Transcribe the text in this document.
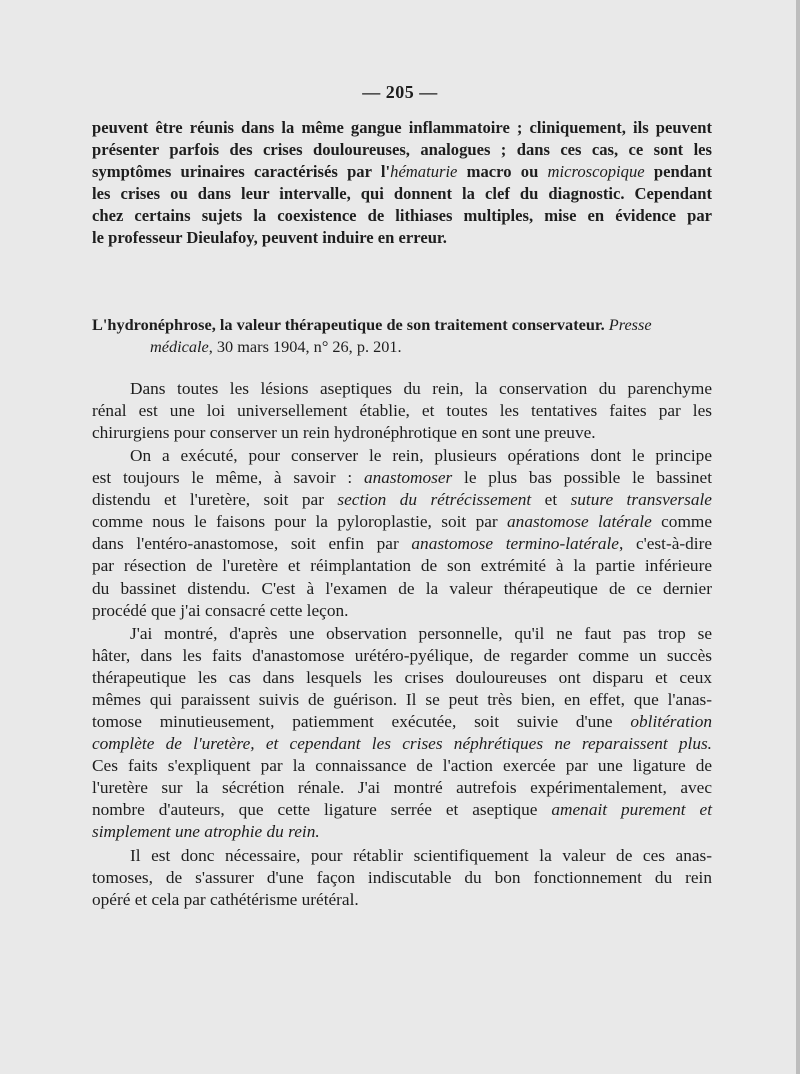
— 205 —
peuvent être réunis dans la même gangue inflammatoire ; cliniquement, ils peuvent
présenter parfois des crises douloureuses, analogues ; dans ces cas, ce sont les
symptômes urinaires caractérisés par l'hématurie macro ou microscopique pendant
les crises ou dans leur intervalle, qui donnent la clef du diagnostic. Cependant
chez certains sujets la coexistence de lithiases multiples, mise en évidence par
le professeur Dieulafoy, peuvent induire en erreur.
L'hydronéphrose, la valeur thérapeutique de son traitement conservateur. Presse
médicale, 30 mars 1904, n° 26, p. 201.
Dans toutes les lésions aseptiques du rein, la conservation du parenchyme
rénal est une loi universellement établie, et toutes les tentatives faites par les
chirurgiens pour conserver un rein hydronéphrotique en sont une preuve.
On a exécuté, pour conserver le rein, plusieurs opérations dont le principe
est toujours le même, à savoir : anastomoser le plus bas possible le bassinet
distendu et l'uretère, soit par section du rétrécissement et suture transversale
comme nous le faisons pour la pyloroplastie, soit par anastomose latérale comme
dans l'entéro-anastomose, soit enfin par anastomose termino-latérale, c'est-à-dire
par résection de l'uretère et réimplantation de son extrémité à la partie inférieure
du bassinet distendu. C'est à l'examen de la valeur thérapeutique de ce dernier
procédé que j'ai consacré cette leçon.
J'ai montré, d'après une observation personnelle, qu'il ne faut pas trop se
hâter, dans les faits d'anastomose urétéro-pyélique, de regarder comme un succès
thérapeutique les cas dans lesquels les crises douloureuses ont disparu et ceux
mêmes qui paraissent suivis de guérison. Il se peut très bien, en effet, que l'anas-
tomose minutieusement, patiemment exécutée, soit suivie d'une oblitération
complète de l'uretère, et cependant les crises néphrétiques ne reparaissent plus.
Ces faits s'expliquent par la connaissance de l'action exercée par une ligature de
l'uretère sur la sécrétion rénale. J'ai montré autrefois expérimentalement, avec
nombre d'auteurs, que cette ligature serrée et aseptique amenait purement et
simplement une atrophie du rein.
Il est donc nécessaire, pour rétablir scientifiquement la valeur de ces anas-
tomoses, de s'assurer d'une façon indiscutable du bon fonctionnement du rein
opéré et cela par cathétérisme urétéral.
